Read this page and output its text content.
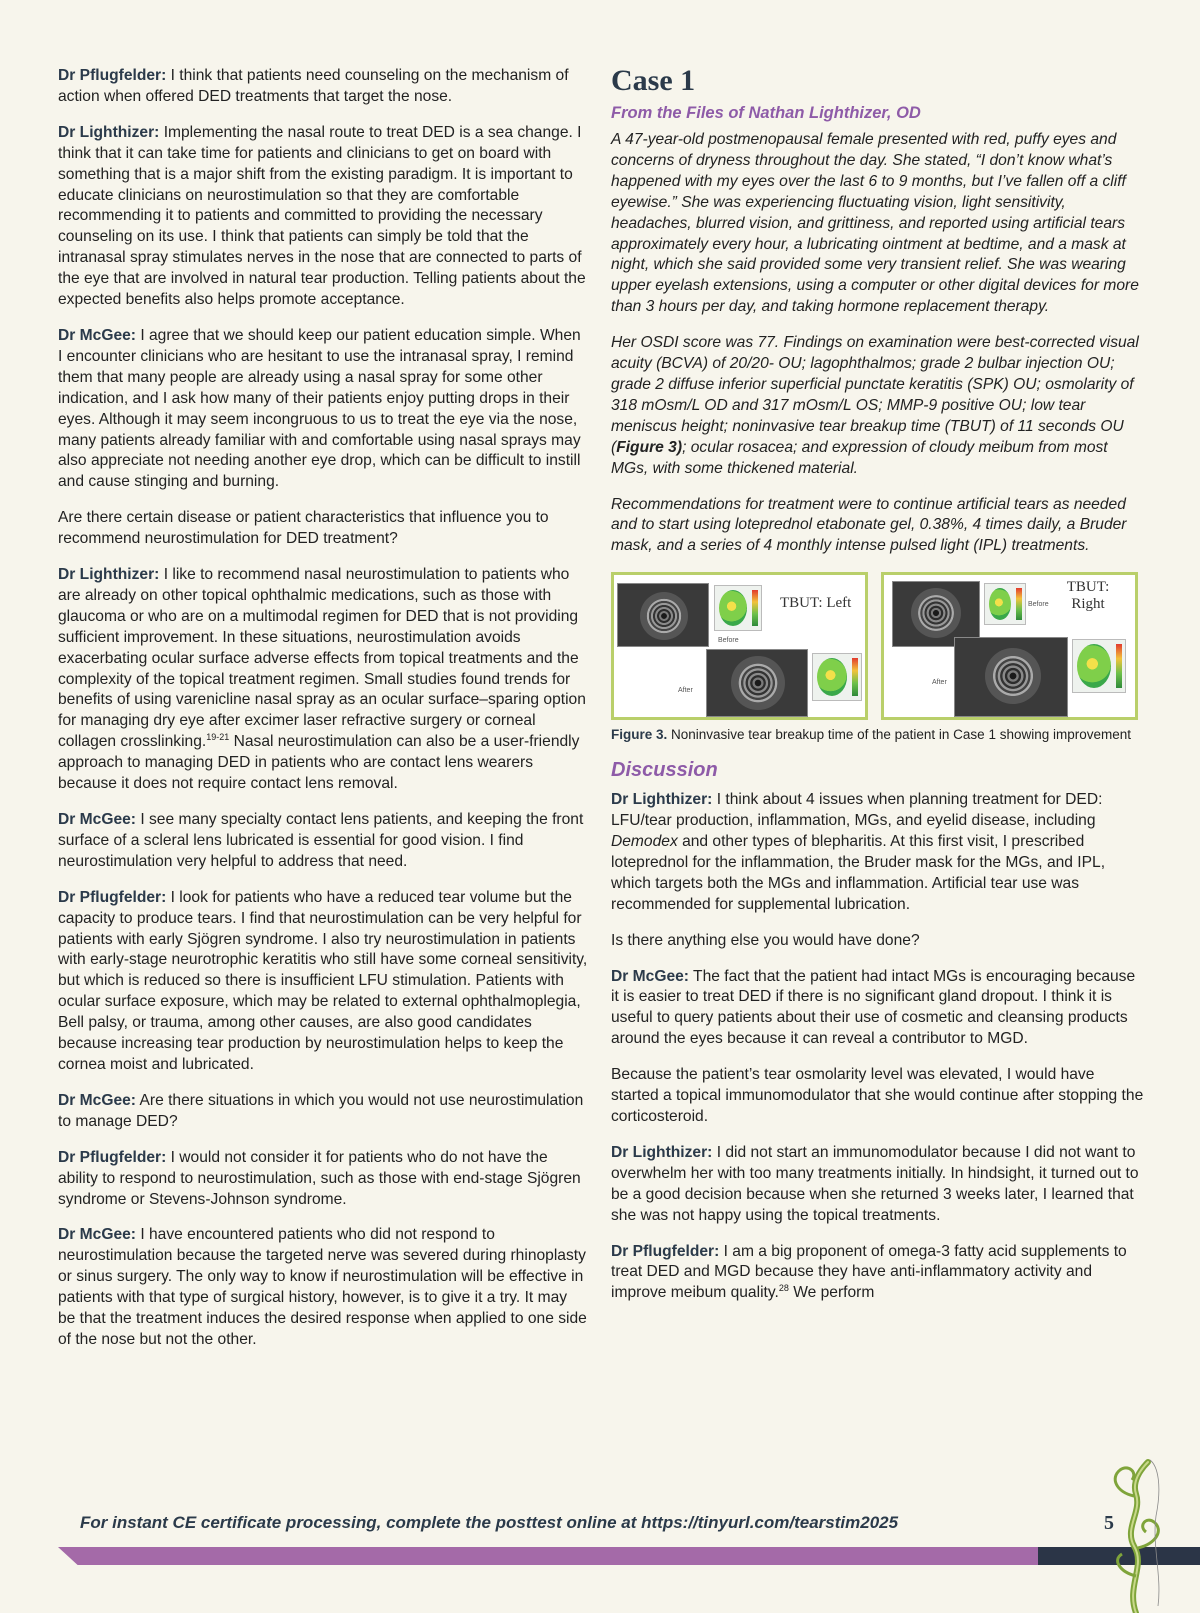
Dr Pflugfelder: I think that patients need counseling on the mechanism of action when offered DED treatments that target the nose.

Dr Lighthizer: Implementing the nasal route to treat DED is a sea change. I think that it can take time for patients and clinicians to get on board with something that is a major shift from the existing paradigm. It is important to educate clinicians on neurostimulation so that they are comfortable recommending it to patients and committed to providing the necessary counseling on its use. I think that patients can simply be told that the intranasal spray stimulates nerves in the nose that are connected to parts of the eye that are involved in natural tear production. Telling patients about the expected benefits also helps promote acceptance.

Dr McGee: I agree that we should keep our patient education simple. When I encounter clinicians who are hesitant to use the intranasal spray, I remind them that many people are already using a nasal spray for some other indication, and I ask how many of their patients enjoy putting drops in their eyes. Although it may seem incongruous to us to treat the eye via the nose, many patients already familiar with and comfortable using nasal sprays may also appreciate not needing another eye drop, which can be difficult to instill and cause stinging and burning.

Are there certain disease or patient characteristics that influence you to recommend neurostimulation for DED treatment?

Dr Lighthizer: I like to recommend nasal neurostimulation to patients who are already on other topical ophthalmic medications, such as those with glaucoma or who are on a multimodal regimen for DED that is not providing sufficient improvement. In these situations, neurostimulation avoids exacerbating ocular surface adverse effects from topical treatments and the complexity of the topical treatment regimen. Small studies found trends for benefits of using varenicline nasal spray as an ocular surface–sparing option for managing dry eye after excimer laser refractive surgery or corneal collagen crosslinking.$^{19-21}$ Nasal neurostimulation can also be a user-friendly approach to managing DED in patients who are contact lens wearers because it does not require contact lens removal.

Dr McGee: I see many specialty contact lens patients, and keeping the front surface of a scleral lens lubricated is essential for good vision. I find neurostimulation very helpful to address that need.

Dr Pflugfelder: I look for patients who have a reduced tear volume but the capacity to produce tears. I find that neurostimulation can be very helpful for patients with early Sjögren syndrome. I also try neurostimulation in patients with early-stage neurotrophic keratitis who still have some corneal sensitivity, but which is reduced so there is insufficient LFU stimulation. Patients with ocular surface exposure, which may be related to external ophthalmoplegia, Bell palsy, or trauma, among other causes, are also good candidates because increasing tear production by neurostimulation helps to keep the cornea moist and lubricated.

Dr McGee: Are there situations in which you would not use neurostimulation to manage DED?

Dr Pflugfelder: I would not consider it for patients who do not have the ability to respond to neurostimulation, such as those with end-stage Sjögren syndrome or Stevens-Johnson syndrome.

Dr McGee: I have encountered patients who did not respond to neurostimulation because the targeted nerve was severed during rhinoplasty or sinus surgery. The only way to know if neurostimulation will be effective in patients with that type of surgical history, however, is to give it a try. It may be that the treatment induces the desired response when applied to one side of the nose but not the other.

Case 1
From the Files of Nathan Lighthizer, OD

A 47-year-old postmenopausal female presented with red, puffy eyes and concerns of dryness throughout the day. She stated, “I don’t know what’s happened with my eyes over the last 6 to 9 months, but I’ve fallen off a cliff eyewise.” She was experiencing fluctuating vision, light sensitivity, headaches, blurred vision, and grittiness, and reported using artificial tears approximately every hour, a lubricating ointment at bedtime, and a mask at night, which she said provided some very transient relief. She was wearing upper eyelash extensions, using a computer or other digital devices for more than 3 hours per day, and taking hormone replacement therapy.

Her OSDI score was 77. Findings on examination were best-corrected visual acuity (BCVA) of 20/20- OU; lagophthalmos; grade 2 bulbar injection OU; grade 2 diffuse inferior superficial punctate keratitis (SPK) OU; osmolarity of 318 mOsm/L OD and 317 mOsm/L OS; MMP-9 positive OU; low tear meniscus height; noninvasive tear breakup time (TBUT) of 11 seconds OU (Figure 3); ocular rosacea; and expression of cloudy meibum from most MGs, with some thickened material.

Recommendations for treatment were to continue artificial tears as needed and to start using loteprednol etabonate gel, 0.38%, 4 times daily, a Bruder mask, and a series of 4 monthly intense pulsed light (IPL) treatments.

Before
TBUT: Left
After
Before
TBUT:
Right
After

Figure 3. Noninvasive tear breakup time of the patient in Case 1 showing improvement

Discussion

Dr Lighthizer: I think about 4 issues when planning treatment for DED: LFU/tear production, inflammation, MGs, and eyelid disease, including Demodex and other types of blepharitis. At this first visit, I prescribed loteprednol for the inflammation, the Bruder mask for the MGs, and IPL, which targets both the MGs and inflammation. Artificial tear use was recommended for supplemental lubrication.

Is there anything else you would have done?

Dr McGee: The fact that the patient had intact MGs is encouraging because it is easier to treat DED if there is no significant gland dropout. I think it is useful to query patients about their use of cosmetic and cleansing products around the eyes because it can reveal a contributor to MGD.

Because the patient’s tear osmolarity level was elevated, I would have started a topical immunomodulator that she would continue after stopping the corticosteroid.

Dr Lighthizer: I did not start an immunomodulator because I did not want to overwhelm her with too many treatments initially. In hindsight, it turned out to be a good decision because when she returned 3 weeks later, I learned that she was not happy using the topical treatments.

Dr Pflugfelder: I am a big proponent of omega-3 fatty acid supplements to treat DED and MGD because they have anti-inflammatory activity and improve meibum quality.$^{28}$ We perform

For instant CE certificate processing, complete the posttest online at https://tinyurl.com/tearstim2025	5
